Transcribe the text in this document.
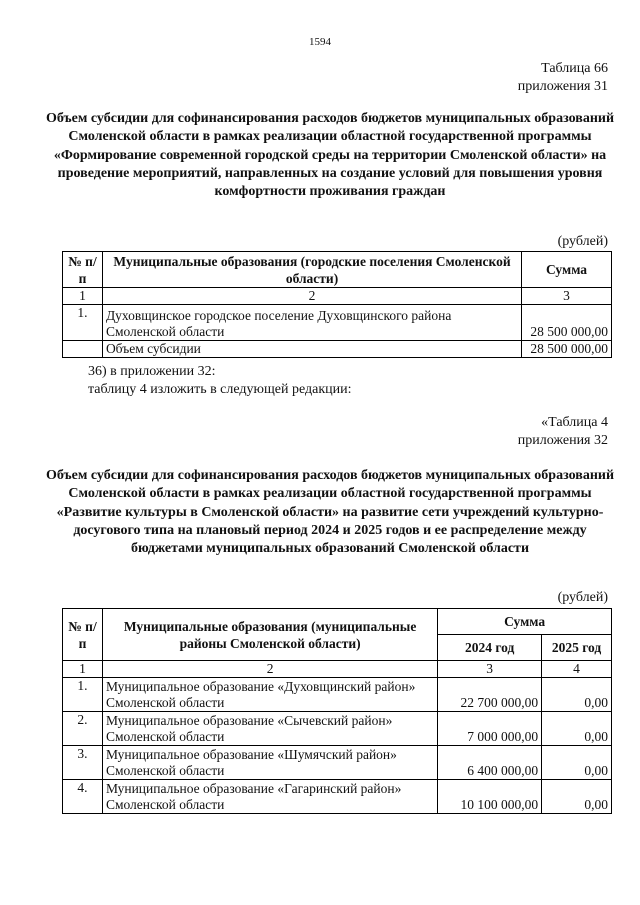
1594
Таблица 66
приложения 31
Объем субсидии для софинансирования расходов бюджетов муниципальных образований Смоленской области в рамках реализации областной государственной программы «Формирование современной городской среды на территории Смоленской области» на проведение мероприятий, направленных на создание условий для повышения уровня комфортности проживания граждан
(рублей)
№ п/п	Муниципальные образования (городские поселения Смоленской области)	Сумма
1	2	3
1.	Духовщинское городское поселение Духовщинского района Смоленской области	28 500 000,00
	Объем субсидии	28 500 000,00
36) в приложении 32:
таблицу 4 изложить в следующей редакции:
«Таблица 4
приложения 32
Объем субсидии для софинансирования расходов бюджетов муниципальных образований Смоленской области в рамках реализации областной государственной программы «Развитие культуры в Смоленской области» на развитие сети учреждений культурно-досугового типа на плановый период 2024 и 2025 годов и ее распределение между бюджетами муниципальных образований Смоленской области
(рублей)
№ п/п	Муниципальные образования (муниципальные районы Смоленской области)	Сумма	
		2024 год	2025 год
1	2	3	4
1.	Муниципальное образование «Духовщинский район» Смоленской области	22 700 000,00	0,00
2.	Муниципальное образование «Сычевский район» Смоленской области	7 000 000,00	0,00
3.	Муниципальное образование «Шумячский район» Смоленской области	6 400 000,00	0,00
4.	Муниципальное образование «Гагаринский район» Смоленской области	10 100 000,00	0,00
